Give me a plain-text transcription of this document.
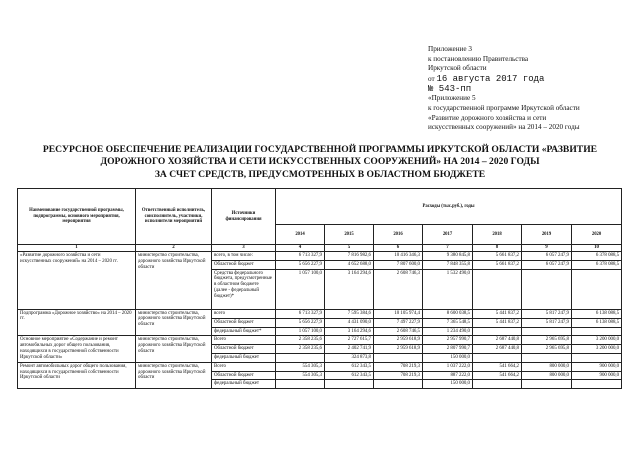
Приложение 3
к постановлению Правительства
Иркутской области
от 16 августа 2017 года
№ 543-пп
«Приложение 5
к государственной программе Иркутской области
«Развитие дорожного хозяйства и сети
искусственных сооружений» на 2014 – 2020 годы
РЕСУРСНОЕ ОБЕСПЕЧЕНИЕ РЕАЛИЗАЦИИ ГОСУДАРСТВЕННОЙ ПРОГРАММЫ ИРКУТСКОЙ ОБЛАСТИ «РАЗВИТИЕ
ДОРОЖНОГО ХОЗЯЙСТВА И СЕТИ ИСКУССТВЕННЫХ СООРУЖЕНИЙ» НА 2014 – 2020 ГОДЫ
ЗА СЧЕТ СРЕДСТВ, ПРЕДУСМОТРЕННЫХ В ОБЛАСТНОМ БЮДЖЕТЕ
Наименование государственной программы, подпрограммы, основного мероприятия, мероприятия	Ответственный исполнитель, соисполнитель, участники, исполнители мероприятий	Источники финансирования	Расходы (тыс.руб.), годы						
			2014	2015	2016	2017	2018	2019	2020
1	2	3	4	5	6	7	8	9	10
«Развитие дорожного хозяйства и сети искусственных сооружений» на 2014 – 2020 гг.	министерство строительства, дорожного хозяйства Иркутской области	всего, в том числе:	6 713 327,9	7 816 982,6	10 416 346,3	9 380 845,8	5 661 837,2	6 057 247,9	6 378 088,5
		Областной бюджет	5 656 227,9	4 652 688,0	7 807 600,0	7 848 355,8	5 661 837,2	6 057 247,9	6 378 088,5
		Средства федерального бюджета, предусмотренные в областном бюджете (далее - федеральный бюджет)*	1 057 100,0	3 164 294,6	2 608 746,3	1 532 490,0			
Подпрограмма «Дорожное хозяйство» на 2014 – 2020 гг.	министерство строительства, дорожного хозяйства Иркутской области	всего	6 713 327,9	7 595 384,6	10 105 974,4	8 600 038,5	5 441 837,2	5 817 247,9	6 138 088,5
		Областной бюджет	5 656 227,9	4 431 090,0	7 497 227,9	7 365 548,5	5 441 837,2	5 817 247,9	6 138 088,5
		федеральный бюджет*	1 057 100,0	3 164 294,6	2 608 746,5	1 234 490,0			
Основное мероприятие «Содержание и ремонт автомобильных дорог общего пользования, находящихся в государственной собственности Иркутской области»	министерство строительства, дорожного хозяйства Иркутской области	Всего	2 358 235,6	2 727 615,7	2 959 618,9	2 957 990,7	2 687 440,8	2 965 695,8	3 200 000,0
		Областной бюджет	2 358 235,6	2 402 741,9	2 959 618,9	2 807 990,7	2 687 440,8	2 965 695,8	3 200 000,0
		федеральный бюджет		324 873,8		150 000,0			
Ремонт автомобильных дорог общего пользования, находящихся в государственной собственности Иркутской области	министерство строительства, дорожного хозяйства Иркутской области	Всего	554 305,3	612 343,5	708 219,3	1 037 222,0	541 664,2	800 000,0	900 000,0
		Областной бюджет	554 305,3	612 343,5	708 219,3	887 222,0	541 664,2	800 000,0	900 000,0
		федеральный бюджет				150 000,0			
